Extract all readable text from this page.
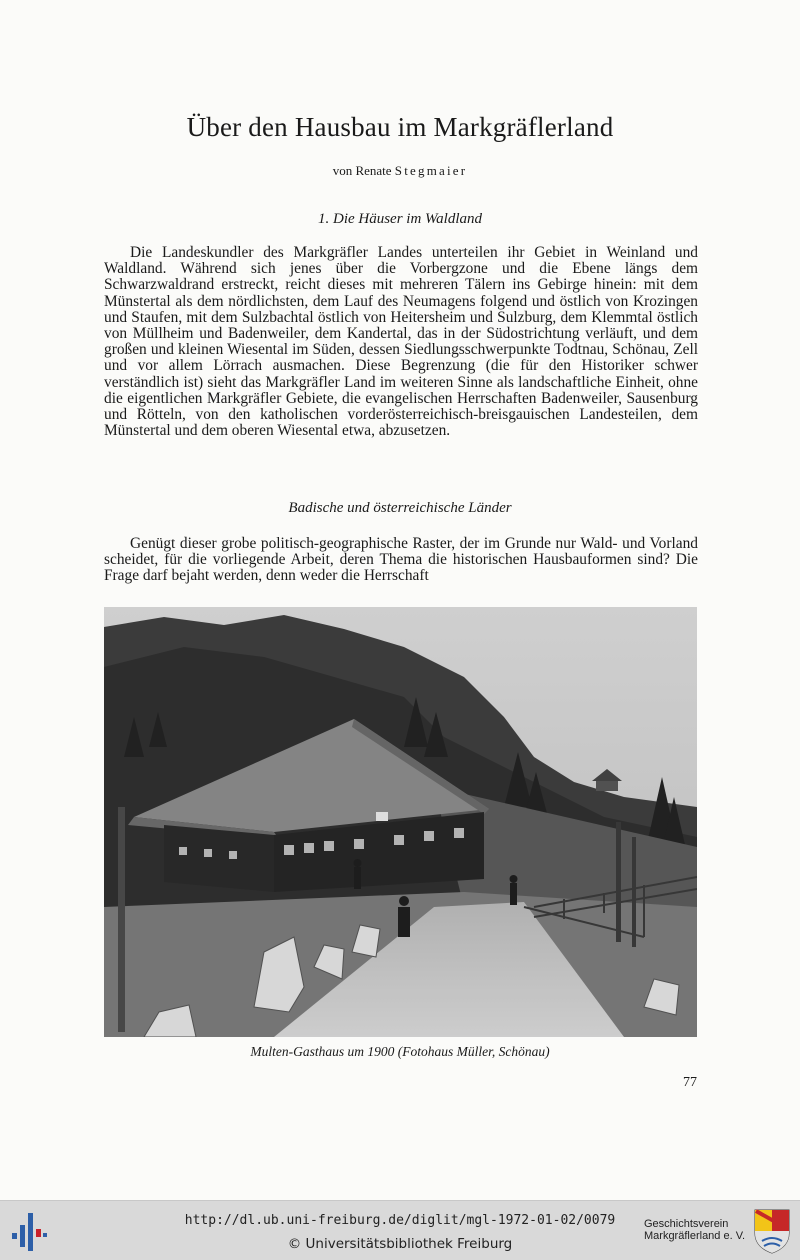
Über den Hausbau im Markgräflerland
von Renate Stegmaier
1. Die Häuser im Waldland
Die Landeskundler des Markgräfler Landes unterteilen ihr Gebiet in Weinland und Waldland. Während sich jenes über die Vorbergzone und die Ebene längs dem Schwarzwaldrand erstreckt, reicht dieses mit mehreren Tälern ins Gebirge hinein: mit dem Münstertal als dem nördlichsten, dem Lauf des Neumagens folgend und östlich von Krozingen und Staufen, mit dem Sulzbachtal östlich von Heitersheim und Sulzburg, dem Klemmtal östlich von Müllheim und Badenweiler, dem Kandertal, das in der Südostrichtung verläuft, und dem großen und kleinen Wiesental im Süden, dessen Siedlungsschwerpunkte Todtnau, Schönau, Zell und vor allem Lörrach ausmachen. Diese Begrenzung (die für den Historiker schwer verständlich ist) sieht das Markgräfler Land im weiteren Sinne als landschaftliche Einheit, ohne die eigentlichen Markgräfler Gebiete, die evangelischen Herrschaften Badenweiler, Sausenburg und Rötteln, von den katholischen vorderösterreichisch-breisgauischen Landesteilen, dem Münstertal und dem oberen Wiesental etwa, abzusetzen.
Badische und österreichische Länder
Genügt dieser grobe politisch-geographische Raster, der im Grunde nur Wald- und Vorland scheidet, für die vorliegende Arbeit, deren Thema die historischen Hausbauformen sind? Die Frage darf bejaht werden, denn weder die Herrschaft
Multen-Gasthaus um 1900 (Fotohaus Müller, Schönau)
77
http://dl.ub.uni-freiburg.de/diglit/mgl-1972-01-02/0079
© Universitätsbibliothek Freiburg
Geschichtsverein
Markgräflerland e. V.
